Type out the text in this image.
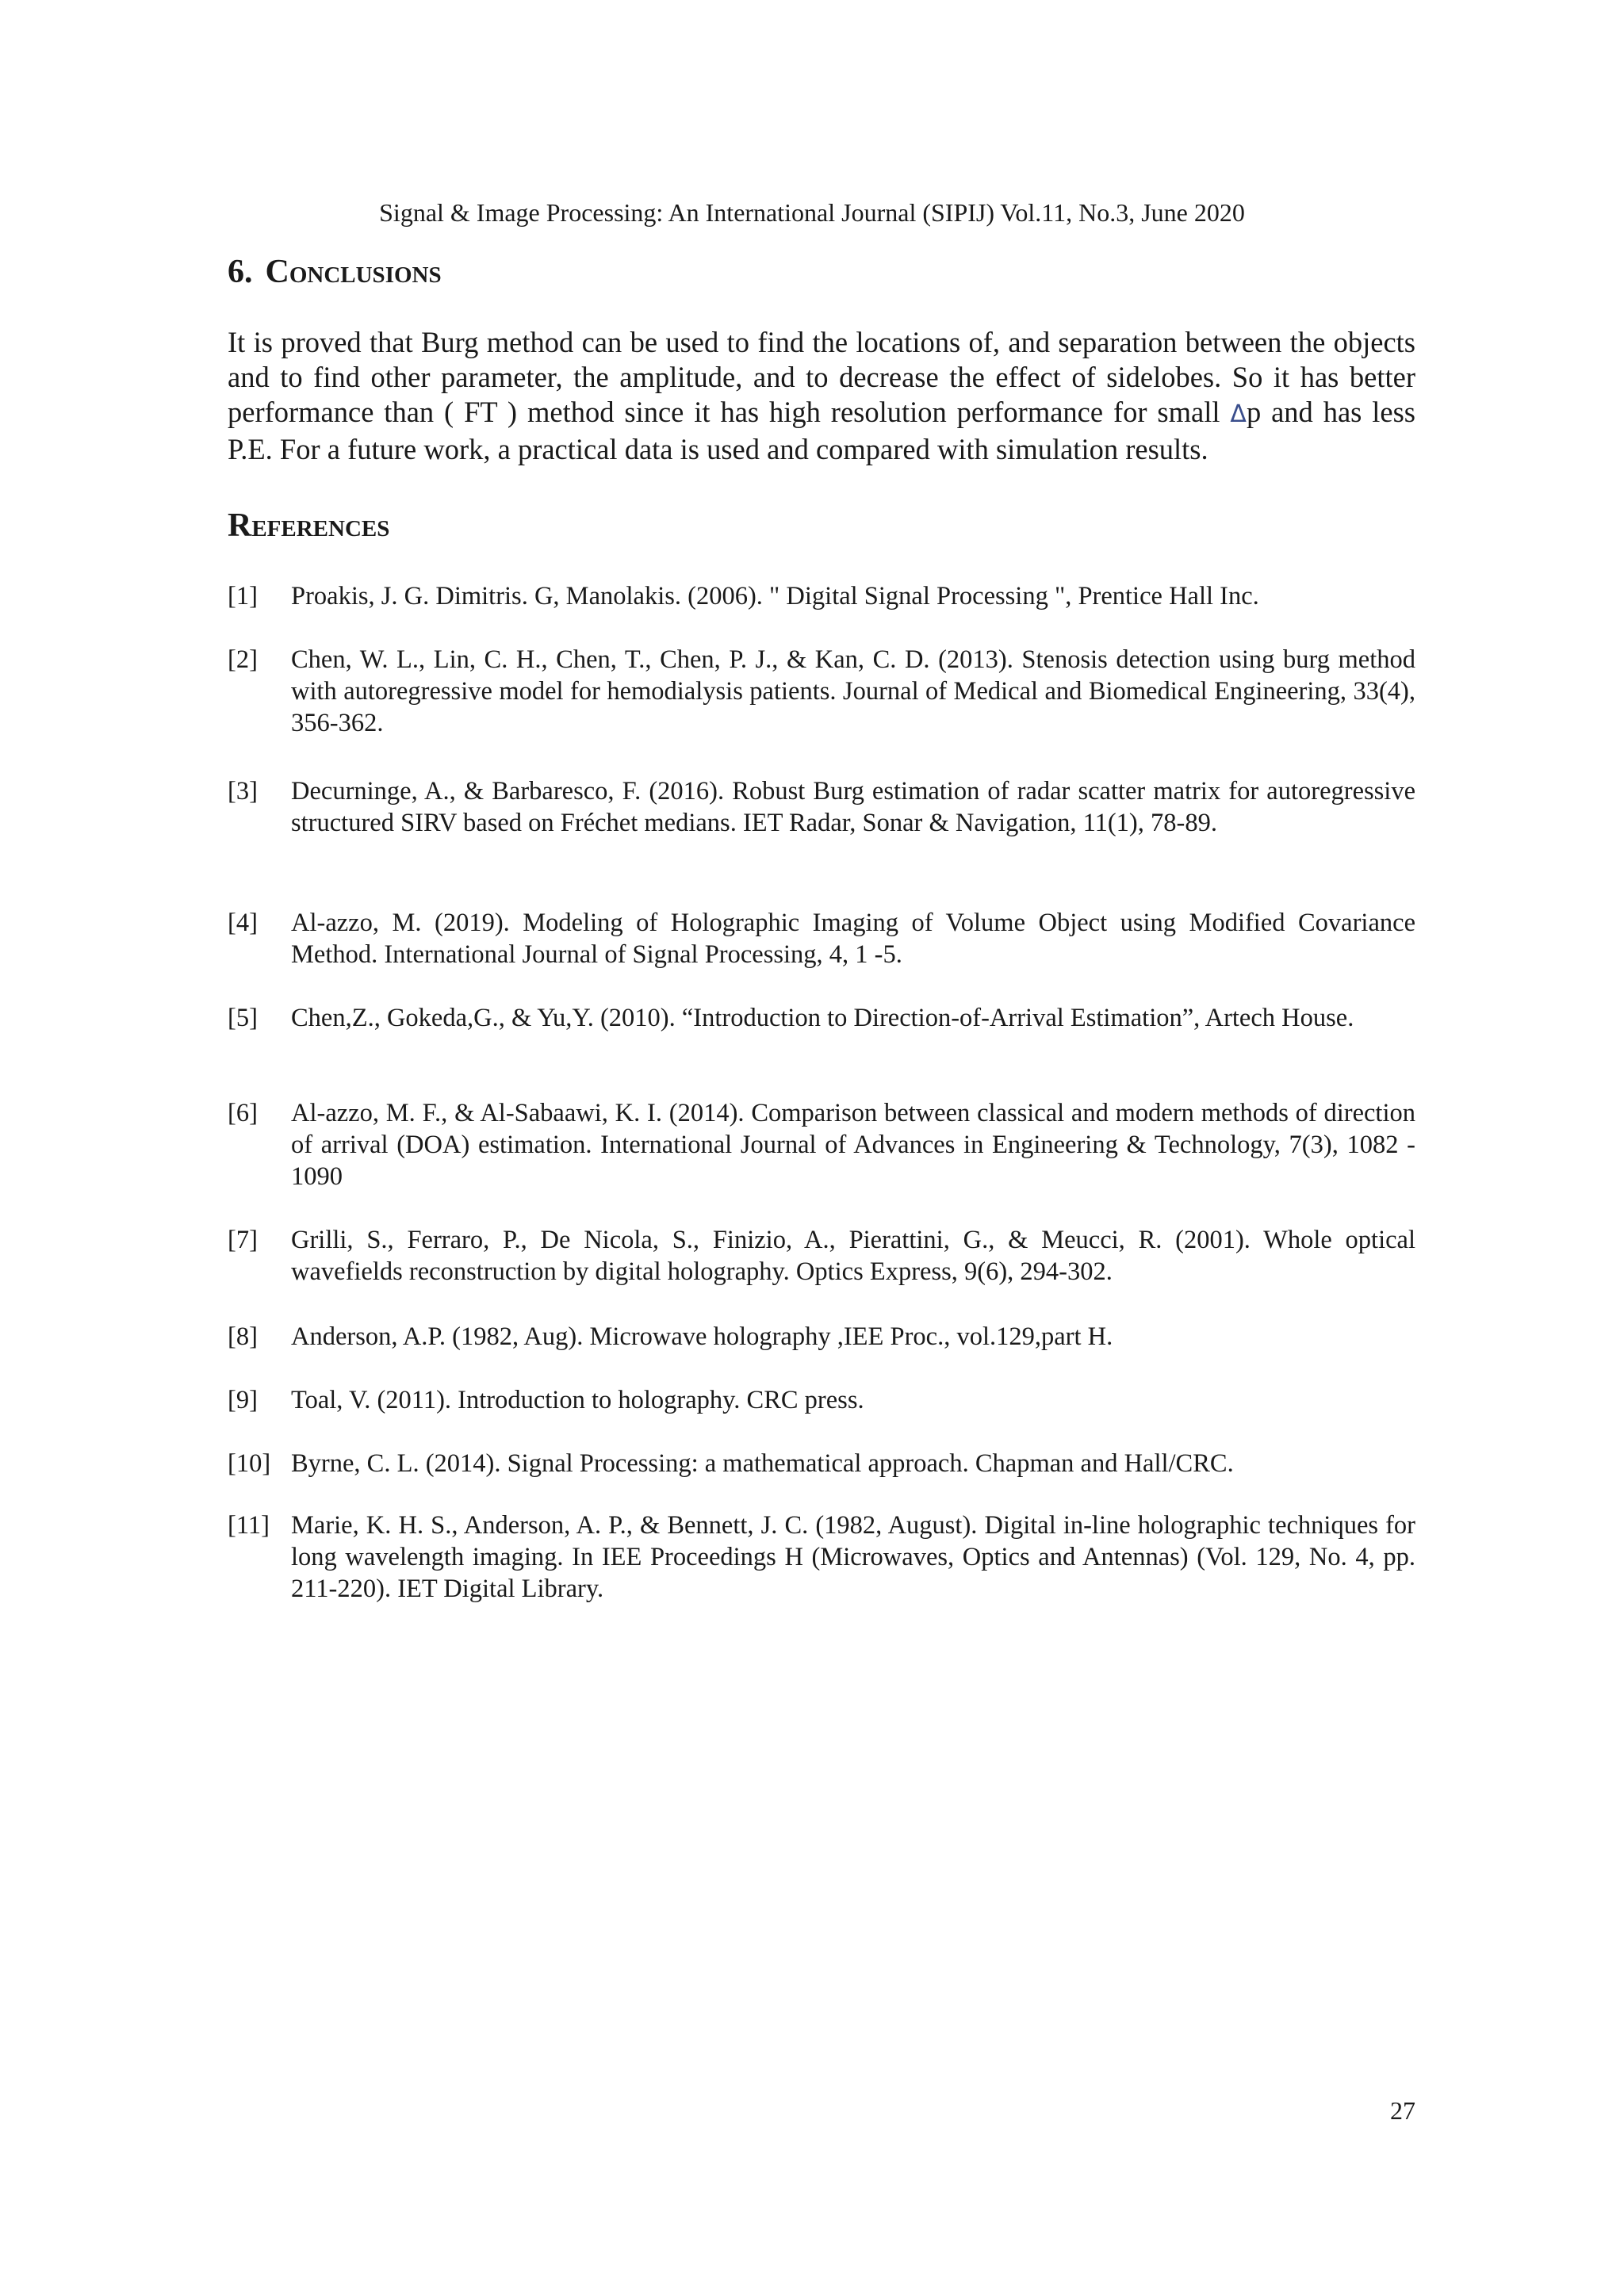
Signal & Image Processing: An International Journal (SIPIJ) Vol.11, No.3, June 2020
6. Conclusions

It is proved that Burg method can be used to find the locations of, and separation between the objects and to find other parameter, the amplitude, and to decrease the effect of sidelobes. So it has better performance than ( FT ) method since it has high resolution performance for small Δp and has less P.E. For a future work, a practical data is used and compared with simulation results.

References
[1] Proakis, J. G. Dimitris. G, Manolakis. (2006). " Digital Signal Processing ", Prentice Hall Inc.
[2] Chen, W. L., Lin, C. H., Chen, T., Chen, P. J., & Kan, C. D. (2013). Stenosis detection using burg method with autoregressive model for hemodialysis patients. Journal of Medical and Biomedical Engineering, 33(4), 356-362.
[3] Decurninge, A., & Barbaresco, F. (2016). Robust Burg estimation of radar scatter matrix for autoregressive structured SIRV based on Fréchet medians. IET Radar, Sonar & Navigation, 11(1), 78-89.
[4] Al-azzo, M. (2019). Modeling of Holographic Imaging of Volume Object using Modified Covariance Method. International Journal of Signal Processing, 4, 1 -5.
[5] Chen,Z., Gokeda,G., & Yu,Y. (2010). “Introduction to Direction-of-Arrival Estimation”, Artech House.
[6] Al-azzo, M. F., & Al-Sabaawi, K. I. (2014). Comparison between classical and modern methods of direction of arrival (DOA) estimation. International Journal of Advances in Engineering & Technology, 7(3), 1082 - 1090
[7] Grilli, S., Ferraro, P., De Nicola, S., Finizio, A., Pierattini, G., & Meucci, R. (2001). Whole optical wavefields reconstruction by digital holography. Optics Express, 9(6), 294-302.
[8] Anderson, A.P. (1982, Aug). Microwave holography ,IEE Proc., vol.129,part H.
[9] Toal, V. (2011). Introduction to holography. CRC press.
[10] Byrne, C. L. (2014). Signal Processing: a mathematical approach. Chapman and Hall/CRC.
[11] Marie, K. H. S., Anderson, A. P., & Bennett, J. C. (1982, August). Digital in-line holographic techniques for long wavelength imaging. In IEE Proceedings H (Microwaves, Optics and Antennas) (Vol. 129, No. 4, pp. 211-220). IET Digital Library.
27
